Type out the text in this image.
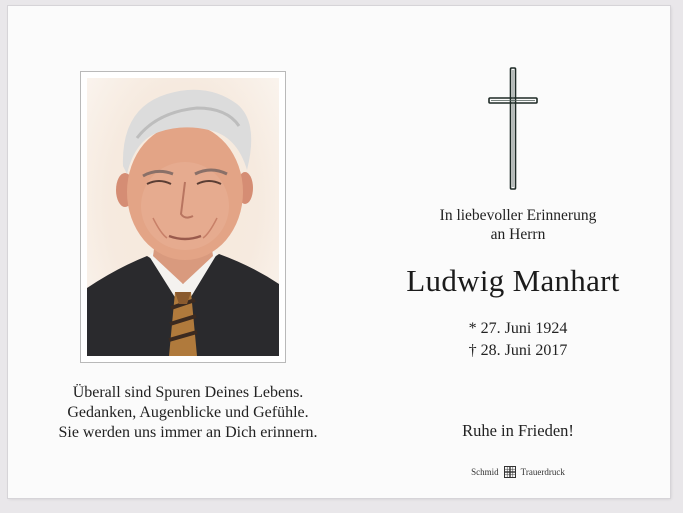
Überall sind Spuren Deines Lebens.
Gedanken, Augenblicke und Gefühle.
Sie werden uns immer an Dich erinnern.
In liebevoller Erinnerung
an Herrn
Ludwig Manhart
* 27. Juni 1924
† 28. Juni 2017
Ruhe in Frieden!
Schmid Trauerdruck
